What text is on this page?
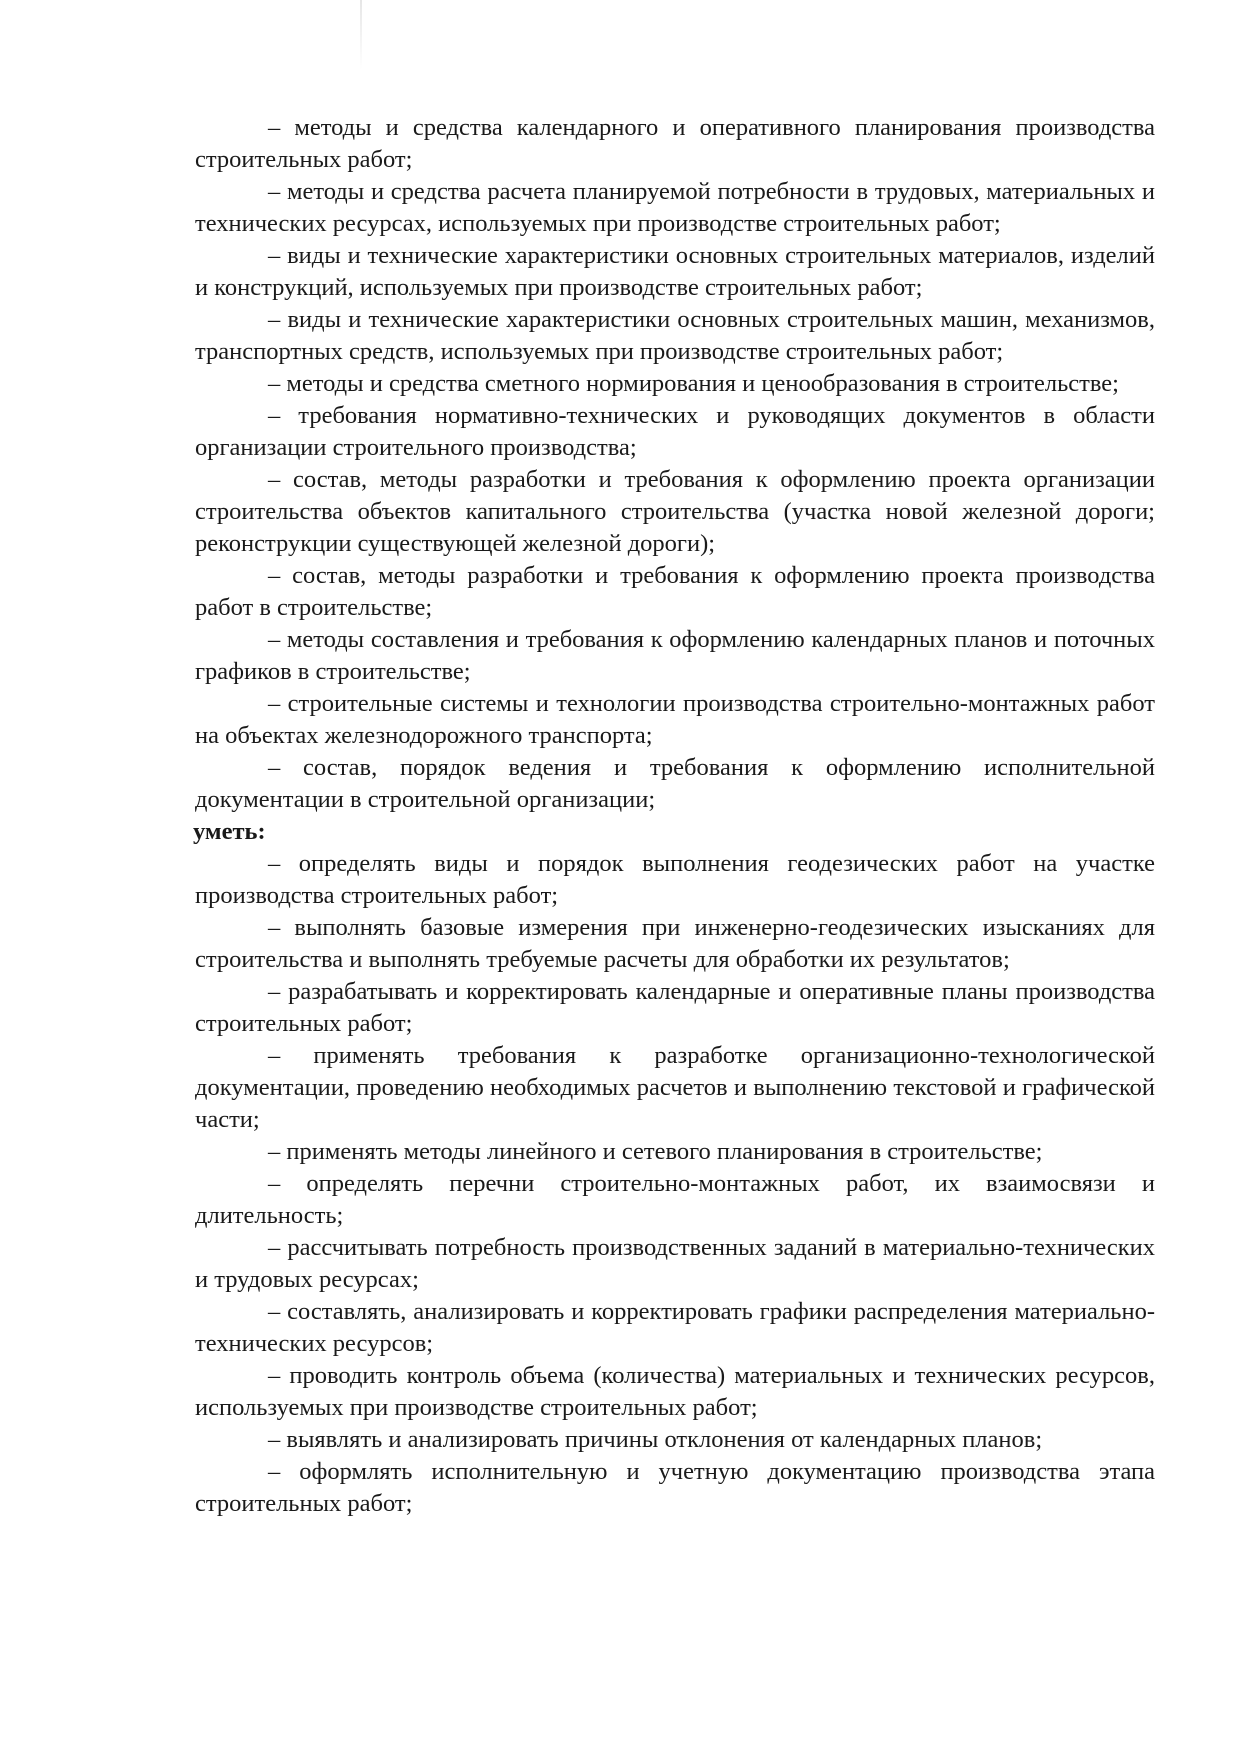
– методы и средства календарного и оперативного планирования производства строительных работ;

– методы и средства расчета планируемой потребности в трудовых, материальных и технических ресурсах, используемых при производстве строительных работ;

– виды и технические характеристики основных строительных материалов, изделий и конструкций, используемых при производстве строительных работ;

– виды и технические характеристики основных строительных машин, механизмов, транспортных средств, используемых при производстве строительных работ;

– методы и средства сметного нормирования и ценообразования в строительстве;

– требования нормативно-технических и руководящих документов в области организации строительного производства;

– состав, методы разработки и требования к оформлению проекта организации строительства объектов капитального строительства (участка новой железной дороги; реконструкции существующей железной дороги);

– состав, методы разработки и требования к оформлению проекта производства работ в строительстве;

– методы составления и требования к оформлению календарных планов и поточных графиков в строительстве;

– строительные системы и технологии производства строительно-монтажных работ на объектах железнодорожного транспорта;

– состав, порядок ведения и требования к оформлению исполнительной документации в строительной организации;

уметь:

– определять виды и порядок выполнения геодезических работ на участке производства строительных работ;

– выполнять базовые измерения при инженерно-геодезических изысканиях для строительства и выполнять требуемые расчеты для обработки их результатов;

– разрабатывать и корректировать календарные и оперативные планы производства строительных работ;

– применять требования к разработке организационно-технологической документации, проведению необходимых расчетов и выполнению текстовой и графической части;

– применять методы линейного и сетевого планирования в строительстве;

– определять перечни строительно-монтажных работ, их взаимосвязи и длительность;

– рассчитывать потребность производственных заданий в материально-технических и трудовых ресурсах;

– составлять, анализировать и корректировать графики распределения материально-технических ресурсов;

– проводить контроль объема (количества) материальных и технических ресурсов, используемых при производстве строительных работ;

– выявлять и анализировать причины отклонения от календарных планов;

– оформлять исполнительную и учетную документацию производства этапа строительных работ;
